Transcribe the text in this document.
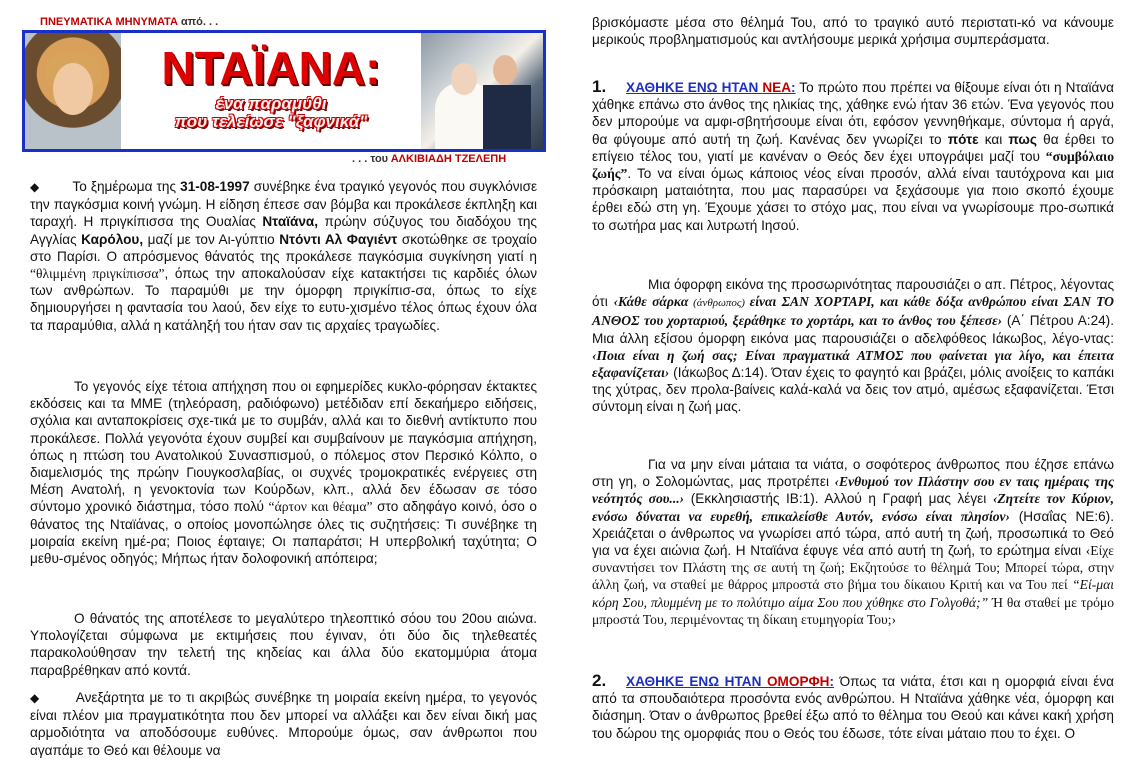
ΠΝΕΥΜΑΤΙΚΑ ΜΗΝΥΜΑΤΑ από. . .
ΝΤΑΪΑΝΑ:
ένα παραμύθι
που τελείωσε "ξαφνικά"
. . . του ΑΛΚΙΒΙΑΔΗ ΤΖΕΛΕΠΗ

◆ Το ξημέρωμα της 31-08-1997 συνέβηκε ένα τραγικό γεγονός που συγκλόνισε την παγκόσμια κοινή γνώμη. Η είδηση έπεσε σαν βόμβα και προκάλεσε έκπληξη και ταραχή. Η πριγκίπισσα της Ουαλίας Νταϊάνα, πρώην σύζυγος του διαδόχου της Αγγλίας Καρόλου, μαζί με τον Αι-γύπτιο Ντόντι Αλ Φαγιέντ σκοτώθηκε σε τροχαίο στο Παρίσι. Ο απρόσμενος θάνατός της προκάλεσε παγκόσμια συγκίνηση γιατί η “θλιμμένη πριγκίπισσα”, όπως την αποκαλούσαν είχε κατακτήσει τις καρδιές όλων των ανθρώπων. Το παραμύθι με την όμορφη πριγκίπισ-σα, όπως το είχε δημιουργήσει η φαντασία του λαού, δεν είχε το ευτυ-χισμένο τέλος όπως έχουν όλα τα παραμύθια, αλλά η κατάληξή του ήταν σαν τις αρχαίες τραγωδίες.

Το γεγονός είχε τέτοια απήχηση που οι εφημερίδες κυκλο-φόρησαν έκτακτες εκδόσεις και τα ΜΜΕ (τηλεόραση, ραδιόφωνο) μετέδιδαν επί δεκαήμερο ειδήσεις, σχόλια και ανταποκρίσεις σχε-τικά με το συμβάν, αλλά και το διεθνή αντίκτυπο που προκάλεσε. Πολλά γεγονότα έχουν συμβεί και συμβαίνουν με παγκόσμια απήχηση, όπως η πτώση του Ανατολικού Συνασπισμού, ο πόλεμος στον Περσικό Κόλπο, ο διαμελισμός της πρώην Γιουγκοσλαβίας, οι συχνές τρομοκρατικές ενέργειες στη Μέση Ανατολή, η γενοκτονία των Κούρδων, κλπ., αλλά δεν έδωσαν σε τόσο σύντομο χρονικό διάστημα, τόσο πολύ “άρτον και θέαμα” στο αδηφάγο κοινό, όσο ο θάνατος της Νταϊάνας, ο οποίος μονοπώλησε όλες τις συζητήσεις: Τι συνέβηκε τη μοιραία εκείνη ημέ-ρα; Ποιος έφταιγε; Οι παπαράτσι; Η υπερβολική ταχύτητα; Ο μεθυ-σμένος οδηγός; Μήπως ήταν δολοφονική απόπειρα;

Ο θάνατός της αποτέλεσε το μεγαλύτερο τηλεοπτικό σόου του 20ου αιώνα. Υπολογίζεται σύμφωνα με εκτιμήσεις που έγιναν, ότι δύο δις τηλεθεατές παρακολούθησαν την τελετή της κηδείας και άλλα δύο εκατομμύρια άτομα παραβρέθηκαν από κοντά.

◆	Ανεξάρτητα με το τι ακριβώς συνέβηκε τη μοιραία εκείνη ημέρα, το γεγονός είναι πλέον μια πραγματικότητα που δεν μπορεί να αλλάξει και δεν είναι δική μας αρμοδιότητα να αποδόσουμε ευθύνες. Μπορούμε όμως, σαν άνθρωποι που αγαπάμε το Θεό και θέλουμε να

βρισκόμαστε μέσα στο θέλημά Του, από το τραγικό αυτό περιστατι-κό να κάνουμε μερικούς προβληματισμούς και αντλήσουμε μερικά χρήσιμα συμπεράσματα.

1. ΧΑΘΗΚΕ ΕΝΩ ΗΤΑΝ ΝΕΑ: Το πρώτο που πρέπει να θίξουμε είναι ότι η Νταϊάνα χάθηκε επάνω στο άνθος της ηλικίας της, χάθηκε ενώ ήταν 36 ετών. Ένα γεγονός που δεν μπορούμε να αμφι-σβητήσουμε είναι ότι, εφόσον γεννηθήκαμε, σύντομα ή αργά, θα φύγουμε από αυτή τη ζωή. Κανένας δεν γνωρίζει το πότε και πως θα έρθει το επίγειο τέλος του, γιατί με κανέναν ο Θεός δεν έχει υπογράψει μαζί του “συμβόλαιο ζωής”. Το να είναι όμως κάποιος νέος είναι προσόν, αλλά είναι ταυτόχρονα και μια πρόσκαιρη ματαιότητα, που μας παρασύρει να ξεχάσουμε για ποιο σκοπό έχουμε έρθει εδώ στη γη. Έχουμε χάσει το στόχο μας, που είναι να γνωρίσουμε προ-σωπικά το σωτήρα μας και λυτρωτή Ιησού.

Μια όφορφη εικόνα της προσωρινότητας παρουσιάζει ο απ. Πέτρος, λέγοντας ότι ‹Κάθε σάρκα (άνθρωπος) είναι ΣΑΝ ΧΟΡΤΑΡΙ, και κάθε δόξα ανθρώπου είναι ΣΑΝ ΤΟ ΑΝΘΟΣ του χορταριού, ξεράθηκε το χορτάρι, και το άνθος του ξέπεσε› (Α΄ Πέτρου Α:24). Μια άλλη εξίσου όμορφη εικόνα μας παρουσιάζει ο αδελφόθεος Ιάκωβος, λέγο-ντας: ‹Ποια είναι η ζωή σας; Είναι πραγματικά ΑΤΜΟΣ που φαίνεται για λίγο, και έπειτα εξαφανίζεται› (Ιάκωβος Δ:14). Όταν έχεις το φαγητό και βράζει, μόλις ανοίξεις το καπάκι της χύτρας, δεν προλα-βαίνεις καλά-καλά να δεις τον ατμό, αμέσως εξαφανίζεται. Έτσι σύντομη είναι η ζωή μας.

Για να μην είναι μάταια τα νιάτα, ο σοφότερος άνθρωπος που έζησε επάνω στη γη, ο Σολομώντας, μας προτρέπει ‹Ενθυμού τον Πλάστην σου εν ταις ημέραις της νεότητός σου...› (Εκκλησιαστής ΙΒ:1). Αλλού η Γραφή μας λέγει ‹Ζητείτε τον Κύριον, ενόσω δύναται να ευρεθή, επικαλείσθε Αυτόν, ενόσω είναι πλησίον› (Ησαΐας ΝΕ:6). Χρειάζεται ο άνθρωπος να γνωρίσει από τώρα, από αυτή τη ζωή, προσωπικά το Θεό για να έχει αιώνια ζωή. Η Νταϊάνα έφυγε νέα από αυτή τη ζωή, το ερώτημα είναι ‹Είχε συναντήσει τον Πλάστη της σε αυτή τη ζωή; Εκζητούσε το θέλημά Του; Μπορεί τώρα, στην άλλη ζωή, να σταθεί με θάρρος μπροστά στο βήμα του δίκαιου Κριτή και να Του πεί “Εί-μαι κόρη Σου, πλυμμένη με το πολύτιμο αίμα Σου που χύθηκε στο Γολγοθά;” Ή θα σταθεί με τρόμο μπροστά Του, περιμένοντας τη δίκαιη ετυμηγορία Του;›

2. ΧΑΘΗΚΕ ΕΝΩ ΗΤΑΝ ΟΜΟΡΦΗ: Όπως τα νιάτα, έτσι και η ομορφιά είναι ένα από τα σπουδαιότερα προσόντα ενός ανθρώπου. Η Νταϊάνα χάθηκε νέα, όμορφη και διάσημη. Όταν ο άνθρωπος βρεθεί έξω από το θέλημα του Θεού και κάνει κακή χρήση του δώρου της ομορφιάς που ο Θεός του έδωσε, τότε είναι μάταιο που το έχει. Ο
